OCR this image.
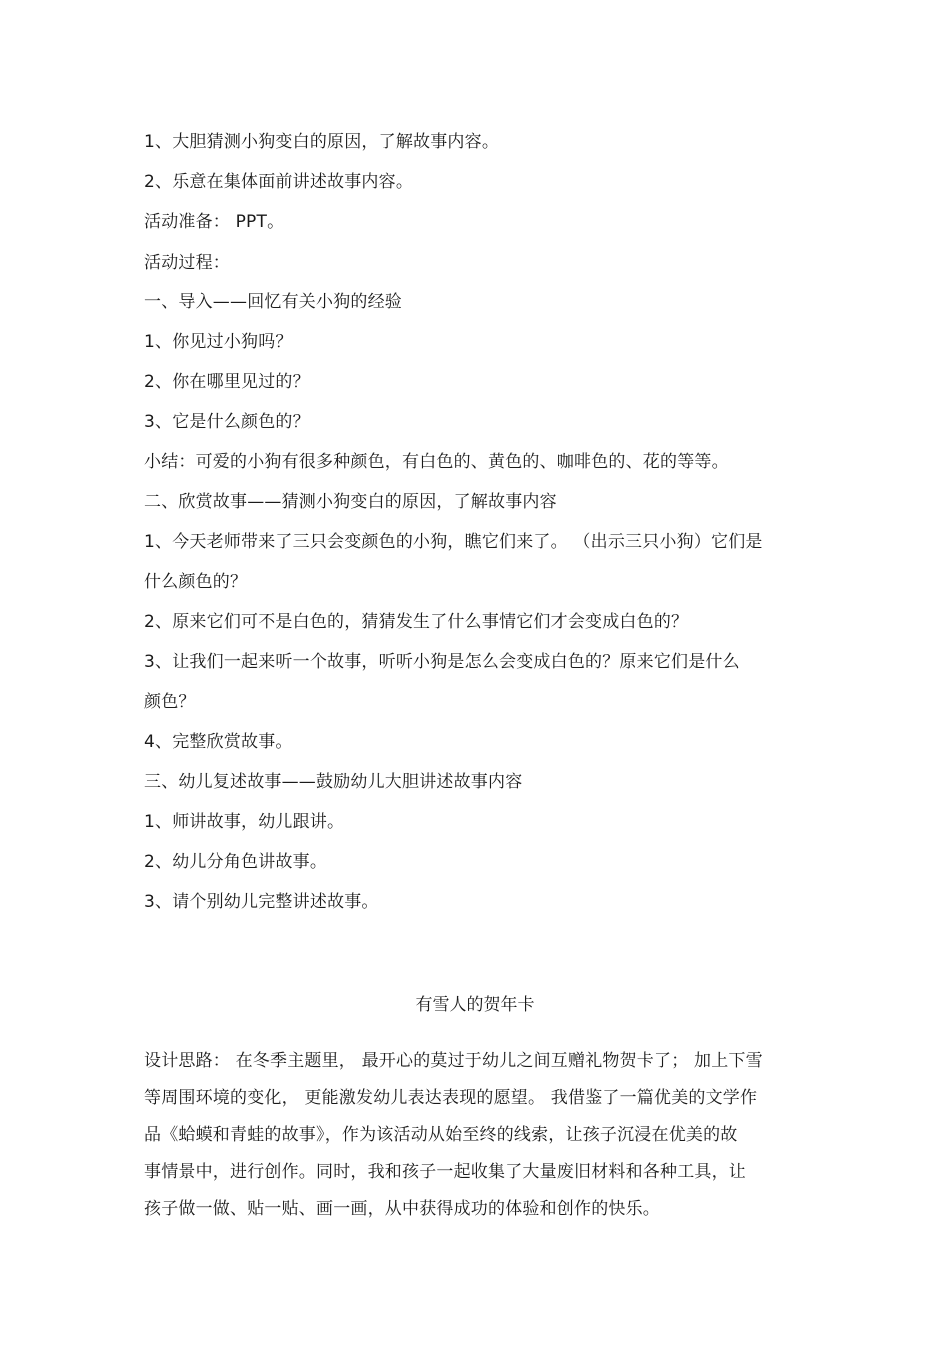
1、大胆猜测小狗变白的原因，了解故事内容。
2、乐意在集体面前讲述故事内容。
活动准备： PPT。
活动过程：
一、导入——回忆有关小狗的经验
1、你见过小狗吗？
2、你在哪里见过的？
3、它是什么颜色的？
小结：可爱的小狗有很多种颜色，有白色的、黄色的、咖啡色的、花的等等。
二、欣赏故事——猜测小狗变白的原因，了解故事内容
1、今天老师带来了三只会变颜色的小狗，瞧它们来了。 （出示三只小狗）它们是
什么颜色的？
2、原来它们可不是白色的，猜猜发生了什么事情它们才会变成白色的？
3、让我们一起来听一个故事，听听小狗是怎么会变成白色的？原来它们是什么
颜色？
4、完整欣赏故事。
三、幼儿复述故事——鼓励幼儿大胆讲述故事内容
1、师讲故事，幼儿跟讲。
2、幼儿分角色讲故事。
3、请个别幼儿完整讲述故事。
有雪人的贺年卡
设计思路： 在冬季主题里， 最开心的莫过于幼儿之间互赠礼物贺卡了； 加上下雪
等周围环境的变化， 更能激发幼儿表达表现的愿望。 我借鉴了一篇优美的文学作
品《蛤蟆和青蛙的故事》，作为该活动从始至终的线索，让孩子沉浸在优美的故
事情景中，进行创作。同时，我和孩子一起收集了大量废旧材料和各种工具，让
孩子做一做、贴一贴、画一画，从中获得成功的体验和创作的快乐。
